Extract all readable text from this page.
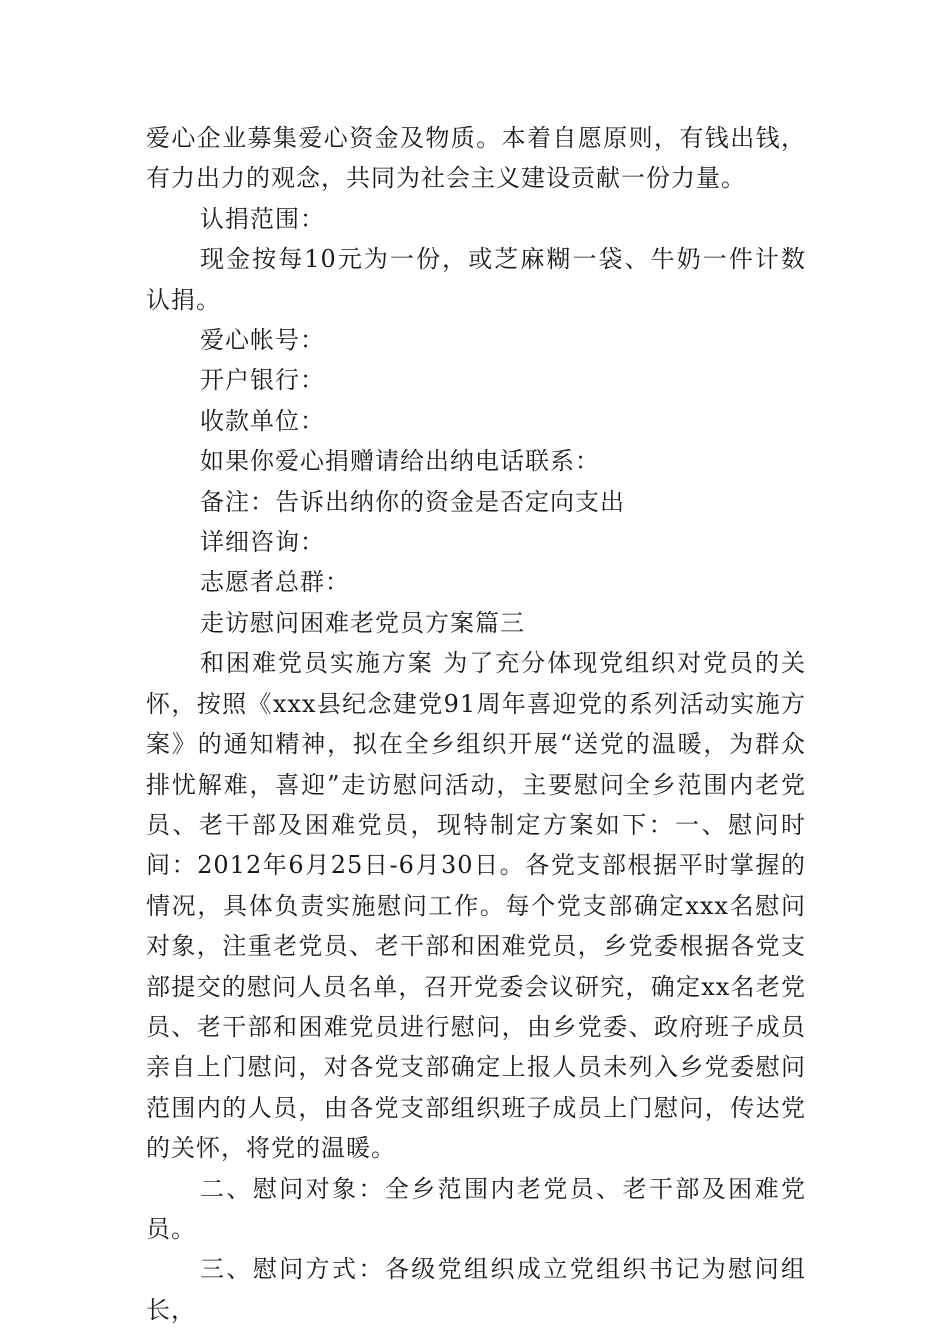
爱心企业募集爱心资金及物质。本着自愿原则，有钱出钱，有力出力的观念，共同为社会主义建设贡献一份力量。

认捐范围：

现金按每10元为一份，或芝麻糊一袋、牛奶一件计数认捐。

爱心帐号：

开户银行：

收款单位：

如果你爱心捐赠请给出纳电话联系：

备注：告诉出纳你的资金是否定向支出

详细咨询：

志愿者总群：

走访慰问困难老党员方案篇三

和困难党员实施方案 为了充分体现党组织对党员的关怀，按照《xxx县纪念建党91周年喜迎党的系列活动实施方案》的通知精神，拟在全乡组织开展“送党的温暖，为群众排忧解难，喜迎”走访慰问活动，主要慰问全乡范围内老党员、老干部及困难党员，现特制定方案如下：一、慰问时间：2012年6月25日-6月30日。各党支部根据平时掌握的情况，具体负责实施慰问工作。每个党支部确定xxx名慰问对象，注重老党员、老干部和困难党员，乡党委根据各党支部提交的慰问人员名单，召开党委会议研究，确定xx名老党员、老干部和困难党员进行慰问，由乡党委、政府班子成员亲自上门慰问，对各党支部确定上报人员未列入乡党委慰问范围内的人员，由各党支部组织班子成员上门慰问，传达党的关怀，将党的温暖。

二、慰问对象：全乡范围内老党员、老干部及困难党员。

三、慰问方式：各级党组织成立党组织书记为慰问组长，
